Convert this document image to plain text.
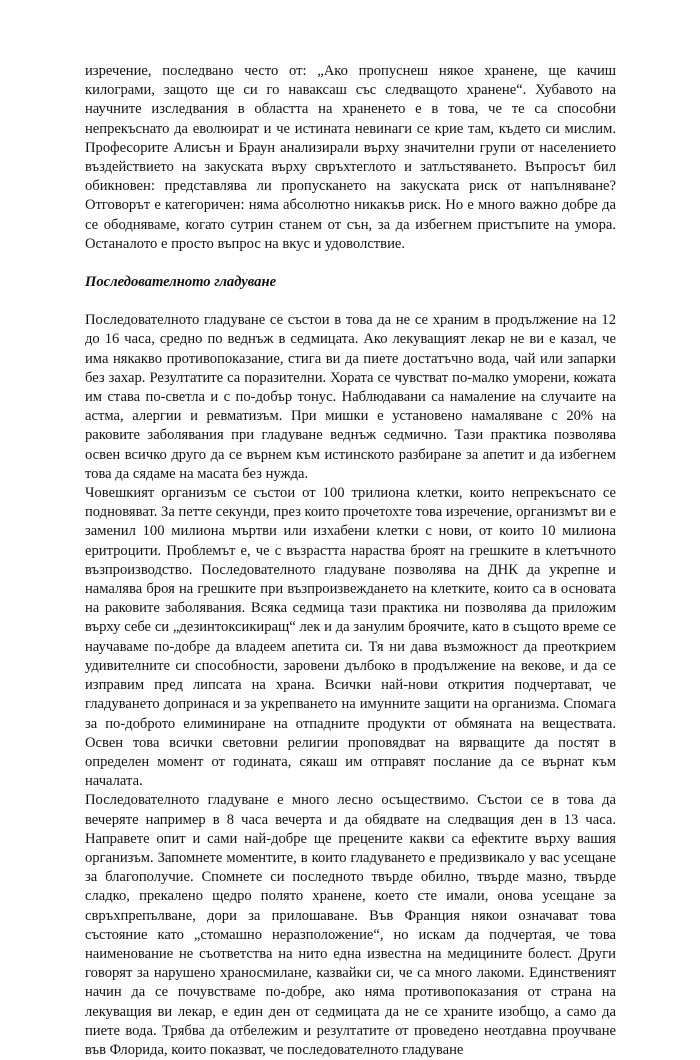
изречение, последвано често от: „Ако пропуснеш някое хранене, ще качиш килограми, защото ще си го наваксаш със следващото хранене“. Хубавото на научните изследвания в областта на храненето е в това, че те са способни непрекъснато да еволюират и че истината невинаги се крие там, където си мислим. Професорите Алисън и Браун анализирали върху значителни групи от населението въздействието на закуската върху свръхтеглото и затлъстяването. Въпросът бил обикновен: представлява ли пропускането на закуската риск от напълняване? Отговорът е категоричен: няма абсолютно никакъв риск. Но е много важно добре да се ободняваме, когато сутрин станем от сън, за да избегнем пристъпите на умора. Останалото е просто въпрос на вкус и удоволствие.

Последователното гладуване

Последователното гладуване се състои в това да не се храним в продължение на 12 до 16 часа, средно по веднъж в седмицата. Ако лекуващият лекар не ви е казал, че има някакво противопоказание, стига ви да пиете достатъчно вода, чай или запарки без захар. Резултатите са поразителни. Хората се чувстват по-малко уморени, кожата им става по-светла и с по-добър тонус. Наблюдавани са намаление на случаите на астма, алергии и ревматизъм. При мишки е установено намаляване с 20% на раковите заболявания при гладуване веднъж седмично. Тази практика позволява освен всичко друго да се върнем към истинското разбиране за апетит и да избегнем това да сядаме на масата без нужда.

Човешкият организъм се състои от 100 трилиона клетки, които непрекъснато се подновяват. За петте секунди, през които прочетохте това изречение, организмът ви е заменил 100 милиона мъртви или изхабени клетки с нови, от които 10 милиона еритроцити. Проблемът е, че с възрастта нараства броят на грешките в клетъчното възпроизводство. Последователното гладуване позволява на ДНК да укрепне и намалява броя на грешките при възпроизвеждането на клетките, които са в основата на раковите заболявания. Всяка седмица тази практика ни позволява да приложим върху себе си „дезинтоксикиращ“ лек и да занулим броячите, като в същото време се научаваме по-добре да владеем апетита си. Тя ни дава възможност да преоткрием удивителните си способности, заровени дълбоко в продължение на векове, и да се изправим пред липсата на храна. Всички най-нови открития подчертават, че гладуването допринася и за укрепването на имунните защити на организма. Спомага за по-доброто елиминиране на отпадните продукти от обмяната на веществата. Освен това всички световни религии проповядват на вярващите да постят в определен момент от годината, сякаш им отправят послание да се върнат към началата.

Последователното гладуване е много лесно осъществимо. Състои се в това да вечеряте например в 8 часа вечерта и да обядвате на следващия ден в 13 часа. Направете опит и сами най-добре ще прецените какви са ефектите върху вашия организъм. Запомнете моментите, в които гладуването е предизвикало у вас усещане за благополучие. Спомнете си последното твърде обилно, твърде мазно, твърде сладко, прекалено щедро полято хранене, което сте имали, онова усещане за свръхпрепълване, дори за прилошаване. Във Франция някои означават това състояние като „стомашно неразположение“, но искам да подчертая, че това наименование не съответства на нито една известна на медицините болест. Други говорят за нарушено храносмилане, казвайки си, че са много лакоми. Единственият начин да се почувстваме по-добре, ако няма противопоказания от страна на лекуващия ви лекар, е един ден от седмицата да не се храните изобщо, а само да пиете вода. Трябва да отбележим и резултатите от проведено неотдавна проучване във Флорида, които показват, че последователното гладуване
